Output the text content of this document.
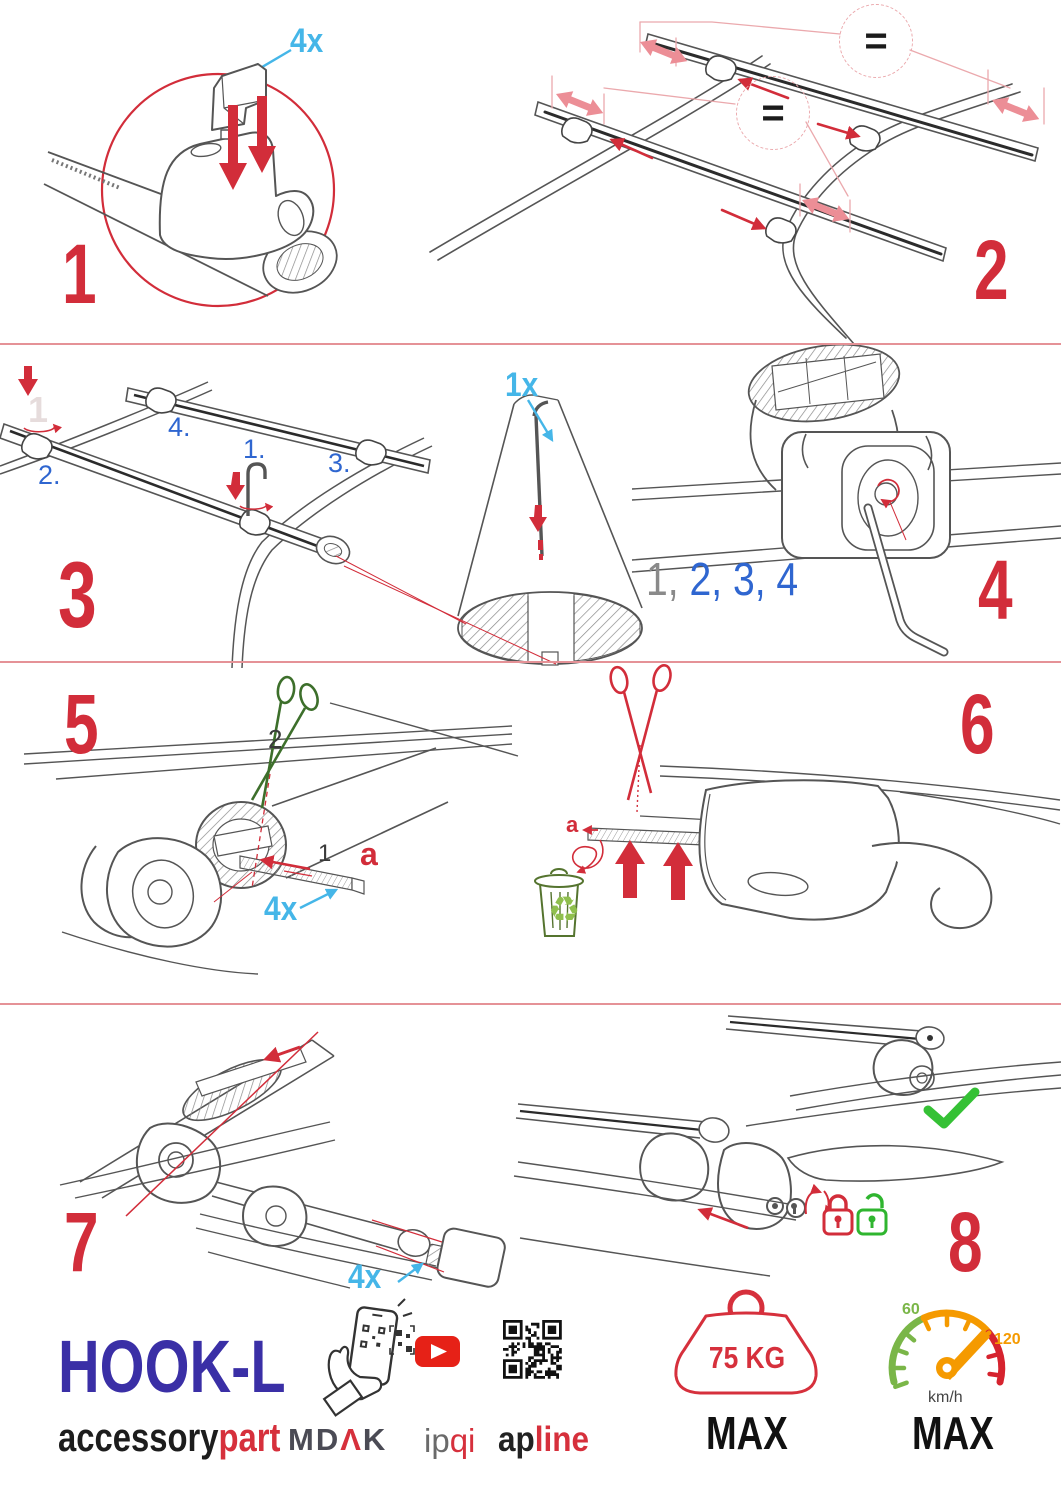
1
4x
2
=
=
3
1x
1
2.
4.
1. 3.
4
1, 2, 3, 4
5	2
1 a
4x
6
a
♻
7	4x	8
HOOK-L
accessorypart MDΛK ipqi apline
75 KG
MAX
60
120
km/h
MAX
